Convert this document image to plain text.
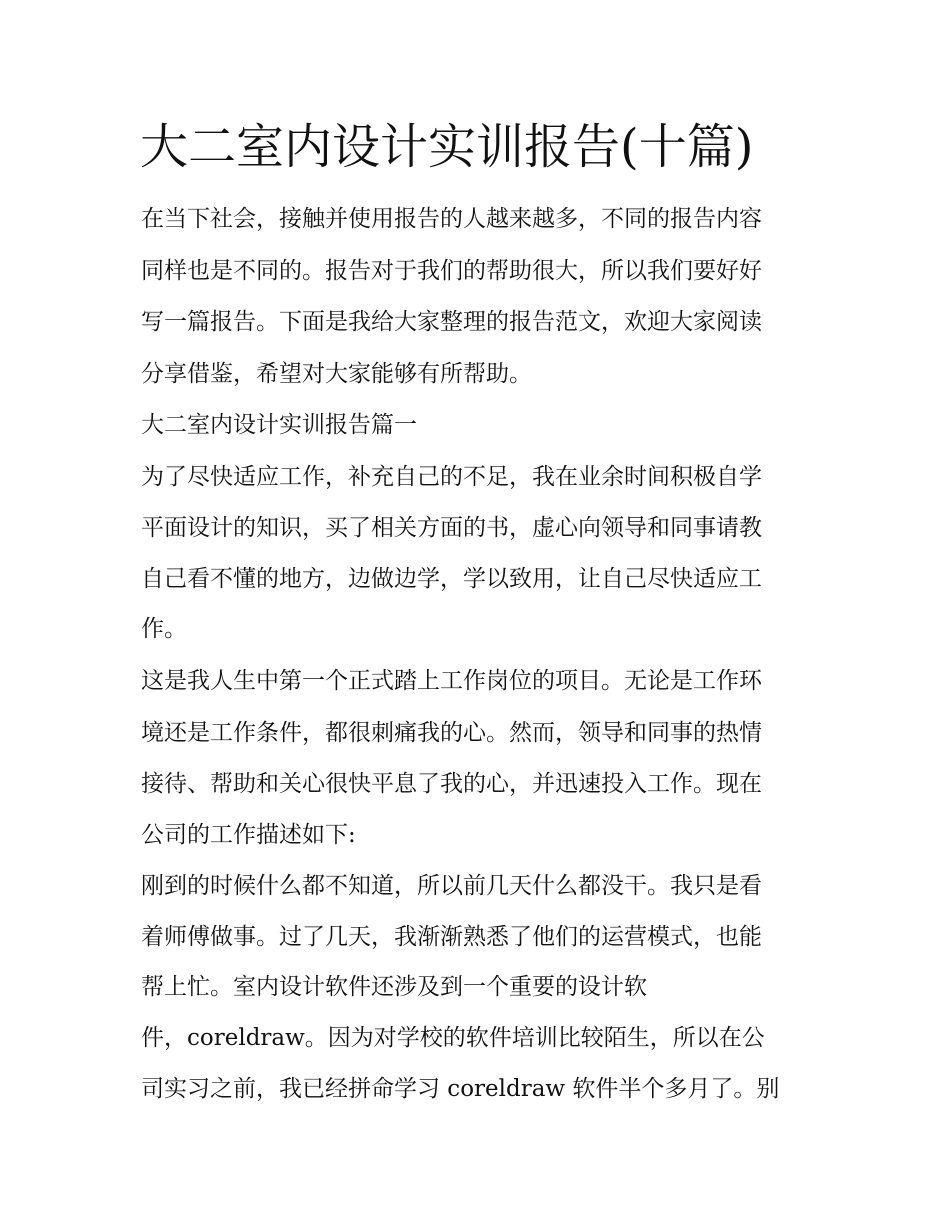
大二室内设计实训报告(十篇)

在当下社会，接触并使用报告的人越来越多，不同的报告内容

同样也是不同的。报告对于我们的帮助很大，所以我们要好好

写一篇报告。下面是我给大家整理的报告范文，欢迎大家阅读

分享借鉴，希望对大家能够有所帮助。

大二室内设计实训报告篇一

为了尽快适应工作，补充自己的不足，我在业余时间积极自学

平面设计的知识，买了相关方面的书，虚心向领导和同事请教

自己看不懂的地方，边做边学，学以致用，让自己尽快适应工

作。

这是我人生中第一个正式踏上工作岗位的项目。无论是工作环

境还是工作条件，都很刺痛我的心。然而，领导和同事的热情

接待、帮助和关心很快平息了我的心，并迅速投入工作。现在

公司的工作描述如下:

刚到的时候什么都不知道，所以前几天什么都没干。我只是看

着师傅做事。过了几天，我渐渐熟悉了他们的运营模式，也能

帮上忙。室内设计软件还涉及到一个重要的设计软

件，coreldraw。因为对学校的软件培训比较陌生，所以在公

司实习之前，我已经拼命学习 coreldraw 软件半个多月了。别
